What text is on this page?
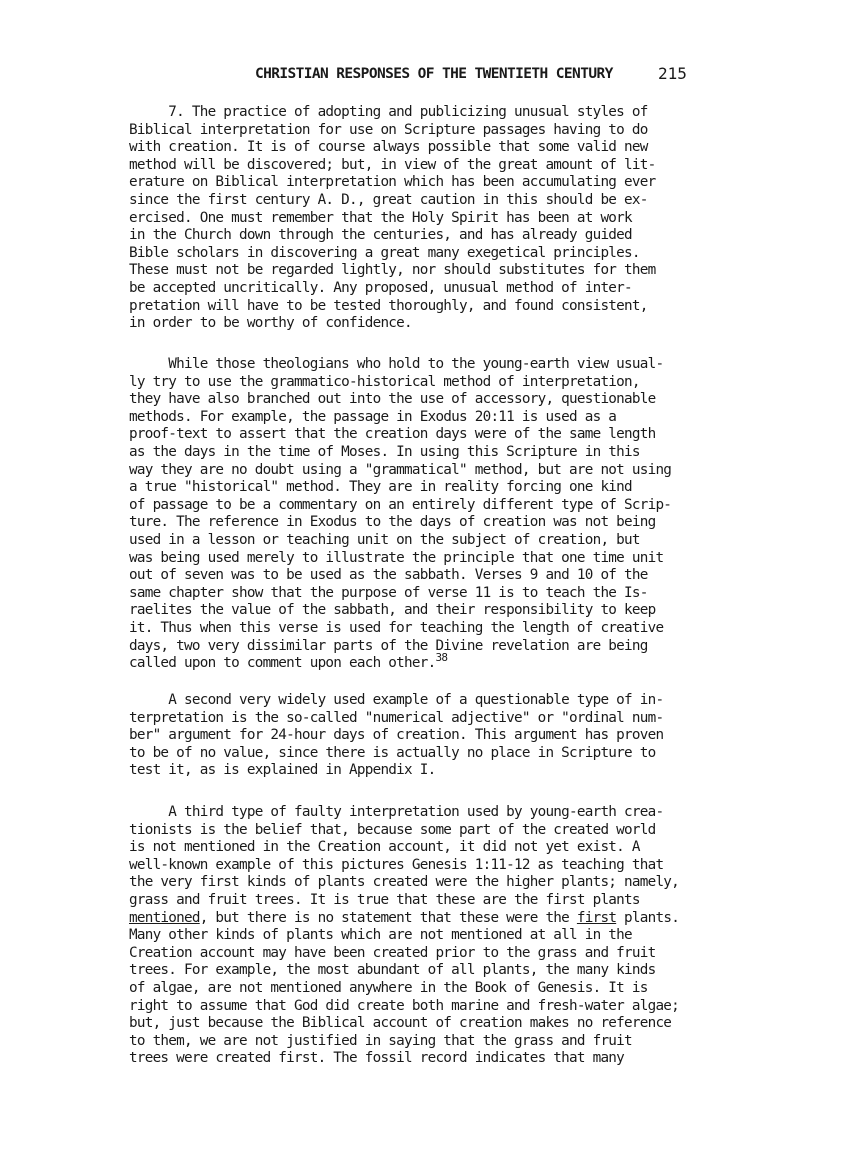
CHRISTIAN RESPONSES OF THE TWENTIETH CENTURY	215
7. The practice of adopting and publicizing unusual styles of
Biblical interpretation for use on Scripture passages having to do
with creation. It is of course always possible that some valid new
method will be discovered; but, in view of the great amount of lit-
erature on Biblical interpretation which has been accumulating ever
since the first century A. D., great caution in this should be ex-
ercised. One must remember that the Holy Spirit has been at work
in the Church down through the centuries, and has already guided
Bible scholars in discovering a great many exegetical principles.
These must not be regarded lightly, nor should substitutes for them
be accepted uncritically. Any proposed, unusual method of inter-
pretation will have to be tested thoroughly, and found consistent,
in order to be worthy of confidence.
While those theologians who hold to the young-earth view usual-
ly try to use the grammatico-historical method of interpretation,
they have also branched out into the use of accessory, questionable
methods. For example, the passage in Exodus 20:11 is used as a
proof-text to assert that the creation days were of the same length
as the days in the time of Moses. In using this Scripture in this
way they are no doubt using a "grammatical" method, but are not using
a true "historical" method. They are in reality forcing one kind
of passage to be a commentary on an entirely different type of Scrip-
ture. The reference in Exodus to the days of creation was not being
used in a lesson or teaching unit on the subject of creation, but
was being used merely to illustrate the principle that one time unit
out of seven was to be used as the sabbath. Verses 9 and 10 of the
same chapter show that the purpose of verse 11 is to teach the Is-
raelites the value of the sabbath, and their responsibility to keep
it. Thus when this verse is used for teaching the length of creative
days, two very dissimilar parts of the Divine revelation are being
called upon to comment upon each other.$^{38}$
A second very widely used example of a questionable type of in-
terpretation is the so-called "numerical adjective" or "ordinal num-
ber" argument for 24-hour days of creation. This argument has proven
to be of no value, since there is actually no place in Scripture to
test it, as is explained in Appendix I.
A third type of faulty interpretation used by young-earth crea-
tionists is the belief that, because some part of the created world
is not mentioned in the Creation account, it did not yet exist. A
well-known example of this pictures Genesis 1:11-12 as teaching that
the very first kinds of plants created were the higher plants; namely,
grass and fruit trees. It is true that these are the first plants
mentioned, but there is no statement that these were the first plants.
Many other kinds of plants which are not mentioned at all in the
Creation account may have been created prior to the grass and fruit
trees. For example, the most abundant of all plants, the many kinds
of algae, are not mentioned anywhere in the Book of Genesis. It is
right to assume that God did create both marine and fresh-water algae;
but, just because the Biblical account of creation makes no reference
to them, we are not justified in saying that the grass and fruit
trees were created first. The fossil record indicates that many
